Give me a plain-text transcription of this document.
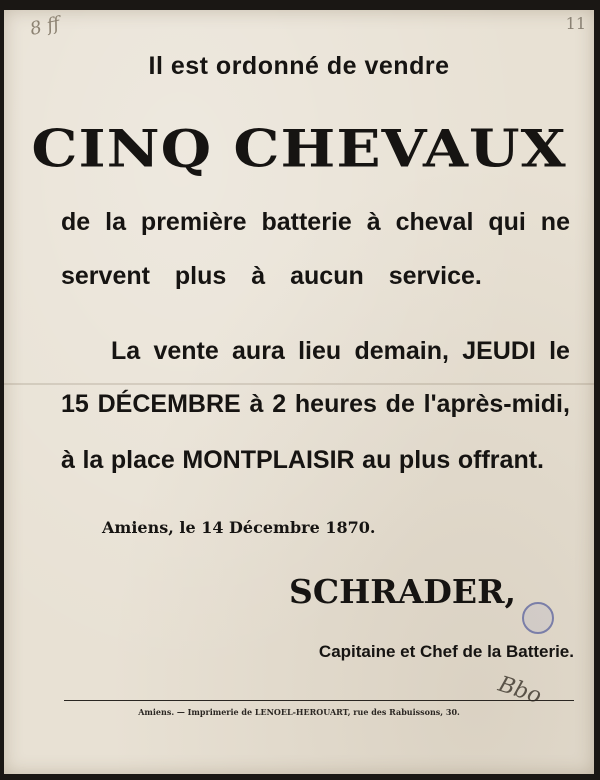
8 ff	11
Il est ordonné de vendre
CINQ CHEVAUX
de la première batterie à cheval qui ne
servent plus à aucun service.
La vente aura lieu demain, JEUDI le
15 DÉCEMBRE à 2 heures de l'après-midi,
à la place MONTPLAISIR au plus offrant.
Amiens, le 14 Décembre 1870.
SCHRADER,
Capitaine et Chef de la Batterie.
Bbo
Amiens. — Imprimerie de LENOEL-HEROUART, rue des Rabuissons, 30.
